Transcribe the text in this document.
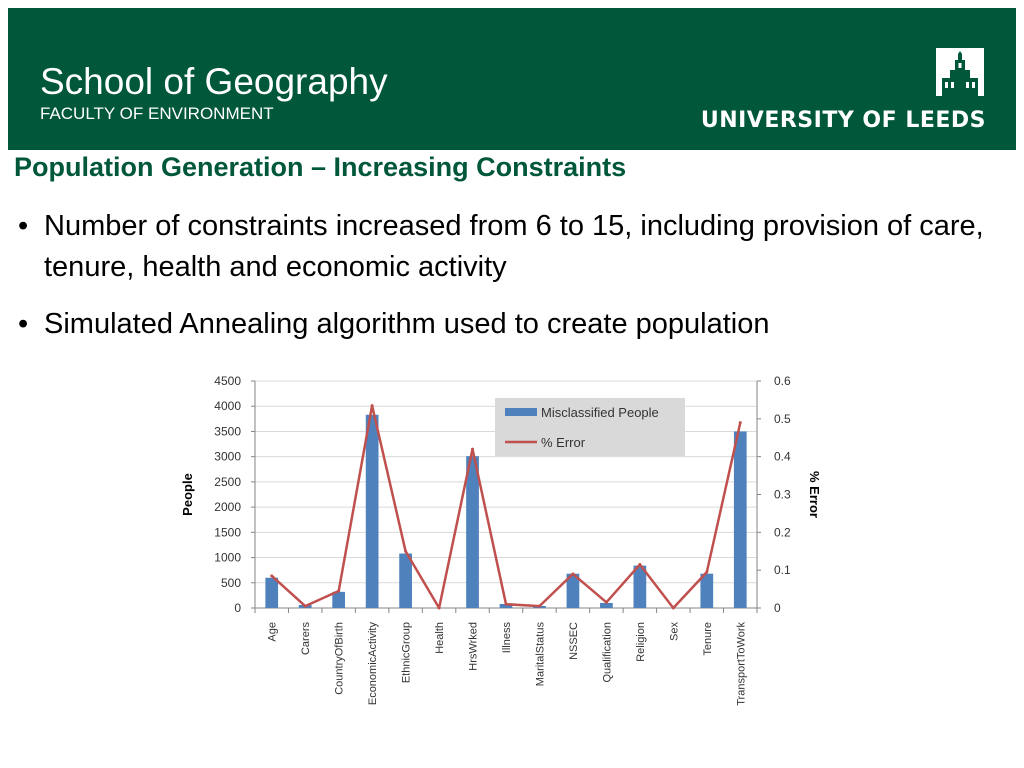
School of Geography
FACULTY OF ENVIRONMENT	UNIVERSITY OF LEEDS
Population Generation – Increasing Constraints
• Number of constraints increased from 6 to 15, including provision of care, tenure, health and economic activity
• Simulated Annealing algorithm used to create population
0
500
1000
1500
2000
2500
3000
3500
4000
4500
0
0.1
0.2
0.3
0.4
0.5
0.6
Age Carers CountryOfBirth EconomicActivity EthnicGroup Health HrsWrked Illness MaritalStatus NSSEC Qualification Religion Sex Tenure TransportToWork
People	% Error
Misclassified People
% Error
